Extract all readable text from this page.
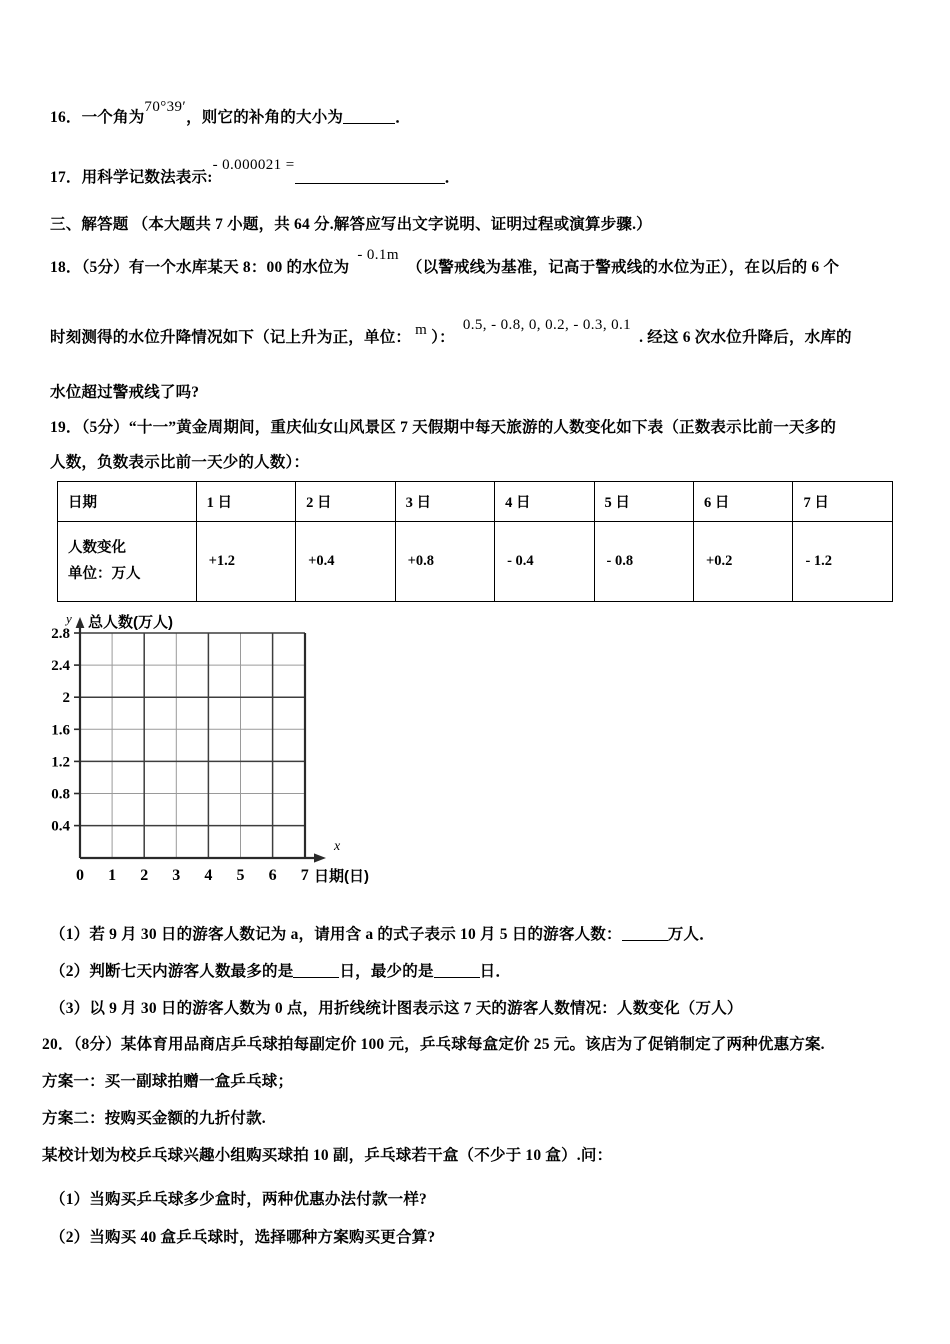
16．一个角为70°39′，则它的补角的大小为	．
17．用科学记数法表示:- 0.000021 =．
三、解答题 （本大题共 7 小题，共 64 分.解答应写出文字说明、证明过程或演算步骤.）
18．（5分）有一个水库某天 8：00 的水位为- 0.1m（以警戒线为基准，记高于警戒线的水位为正），在以后的 6 个
时刻测得的水位升降情况如下（记上升为正，单位： m ）：0.5, - 0.8, 0, 0.2, - 0.3, 0.1. 经这 6 次水位升降后，水库的
水位超过警戒线了吗?
19．（5分）“十一”黄金周期间，重庆仙女山风景区 7 天假期中每天旅游的人数变化如下表（正数表示比前一天多的
人数，负数表示比前一天少的人数）：
日期	1 日	2 日	3 日	4 日	5 日	6 日	7 日

人数变化
单位：万人	+1.2	+0.4	+0.8	- 0.4	- 0.8	+0.2	- 1.2
y 总人数(万人)
2.8
2.4
2
1.6
1.2
0.8
0.4
0 1 2 3 4 5 6 7
x
日期(日)
（1）若 9 月 30 日的游客人数记为 a，请用含 a 的式子表示 10 月 5 日的游客人数：	万人．
（2）判断七天内游客人数最多的是	日，最少的是	日．
（3）以 9 月 30 日的游客人数为 0 点，用折线统计图表示这 7 天的游客人数情况：人数变化（万人）
20．（8分）某体育用品商店乒乓球拍每副定价 100 元，乒乓球每盒定价 25 元。该店为了促销制定了两种优惠方案.
方案一：买一副球拍赠一盒乒乓球；
方案二：按购买金额的九折付款.
某校计划为校乒乓球兴趣小组购买球拍 10 副，乒乓球若干盒（不少于 10 盒）.问：
（1）当购买乒乓球多少盒时，两种优惠办法付款一样?
（2）当购买 40 盒乒乓球时，选择哪种方案购买更合算?
